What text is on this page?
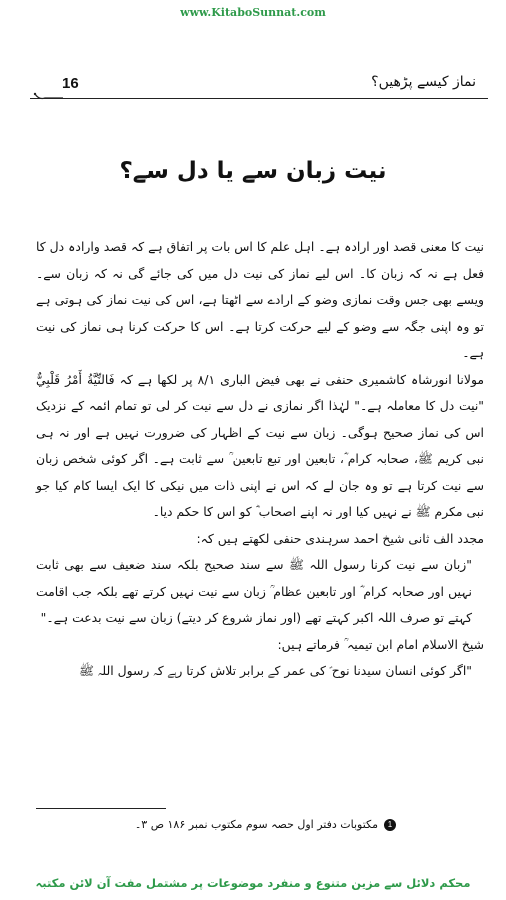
www.KitaboSunnat.com
نماز کیسے پڑھیں؟
16
نیت زبان سے یا دل سے؟

نیت کا معنی قصد اور ارادہ ہے۔ اہل علم کا اس بات پر اتفاق ہے کہ قصد وارادہ دل کا فعل ہے نہ کہ زبان کا۔ اس لیے نماز کی نیت دل میں کی جائے گی نہ کہ زبان سے۔ ویسے بھی جس وقت نمازی وضو کے ارادے سے اٹھتا ہے، اس کی نیت نماز کی ہوتی ہے تو وہ اپنی جگہ سے وضو کے لیے حرکت کرتا ہے۔ اس کا حرکت کرنا ہی نماز کی نیت ہے۔

مولانا انورشاہ کاشمیری حنفی نے بھی فیض الباری ۸/۱ پر لکھا ہے کہ فَالنِّيَّةُ أَمْرُ قَلْبِيٌّ "نیت دل کا معاملہ ہے۔" لہٰذا اگر نمازی نے دل سے نیت کر لی تو تمام ائمہ کے نزدیک اس کی نماز صحیح ہوگی۔ زبان سے نیت کے اظہار کی ضرورت نہیں ہے اور نہ ہی نبی کریم ﷺ، صحابہ کرام ؓ، تابعین اور تبع تابعین ؒ سے ثابت ہے۔ اگر کوئی شخص زبان سے نیت کرتا ہے تو وہ جان لے کہ اس نے اپنی ذات میں نیکی کا ایک ایسا کام کیا جو نبی مکرم ﷺ نے نہیں کیا اور نہ اپنے اصحاب ؓ کو اس کا حکم دیا۔

مجدد الف ثانی شیخ احمد سرہندی حنفی لکھتے ہیں کہ:

"زبان سے نیت کرنا رسول اللہ ﷺ سے سند صحیح بلکہ سند ضعیف سے بھی ثابت نہیں اور صحابہ کرام ؓ اور تابعین عظام ؒ زبان سے نیت نہیں کرتے تھے بلکہ جب اقامت کہتے تو صرف اللہ اکبر کہتے تھے (اور نماز شروع کر دیتے) زبان سے نیت بدعت ہے۔"

شیخ الاسلام امام ابن تیمیہ ؒ فرماتے ہیں:

"اگر کوئی انسان سیدنا نوح ؑ کی عمر کے برابر تلاش کرتا رہے کہ رسول اللہ ﷺ

1
مکتوبات دفتر اول حصہ سوم مکتوب نمبر ۱۸۶ ص ۳۔
محکم دلائل سے مزین متنوع و منفرد موضوعات پر مشتمل مفت آن لائن مکتبہ
